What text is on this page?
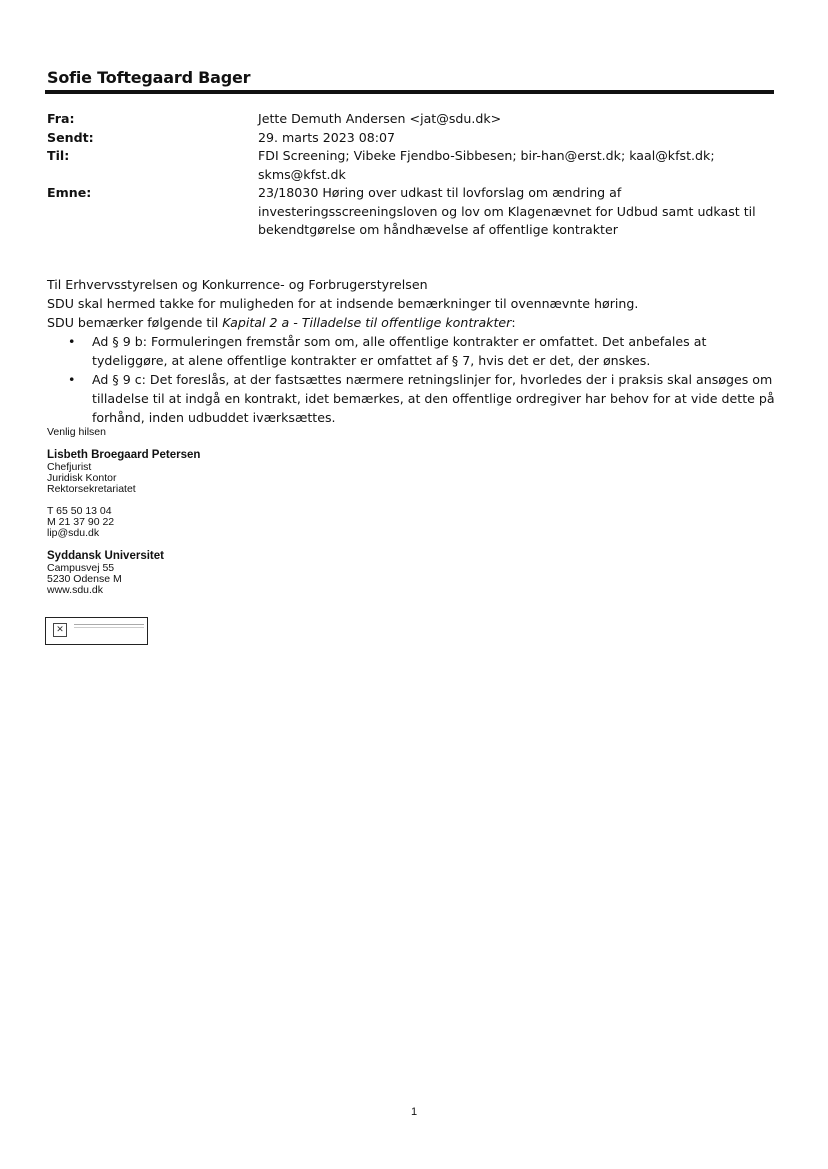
Sofie Toftegaard Bager
Fra:	Jette Demuth Andersen <jat@sdu.dk>
Sendt:	29. marts 2023 08:07
Til:	FDI Screening; Vibeke Fjendbo-Sibbesen; bir-han@erst.dk; kaal@kfst.dk;
skms@kfst.dk
Emne:	23/18030 Høring over udkast til lovforslag om ændring af
investeringsscreeningsloven og lov om Klagenævnet for Udbud samt udkast til
bekendtgørelse om håndhævelse af offentlige kontrakter

Til Erhvervsstyrelsen og Konkurrence- og Forbrugerstyrelsen

SDU skal hermed takke for muligheden for at indsende bemærkninger til ovennævnte høring.

SDU bemærker følgende til Kapital 2 a - Tilladelse til offentlige kontrakter:

• Ad § 9 b: Formuleringen fremstår som om, alle offentlige kontrakter er omfattet. Det anbefales at tydeliggøre, at alene offentlige kontrakter er omfattet af § 7, hvis det er det, der ønskes.
• Ad § 9 c: Det foreslås, at der fastsættes nærmere retningslinjer for, hvorledes der i praksis skal ansøges om tilladelse til at indgå en kontrakt, idet bemærkes, at den offentlige ordregiver har behov for at vide dette på forhånd, inden udbuddet iværksættes.
Venlig hilsen
Lisbeth Broegaard Petersen
Chefjurist
Juridisk Kontor
Rektorsekretariatet
T 65 50 13 04
M 21 37 90 22
lip@sdu.dk
Syddansk Universitet
Campusvej 55
5230 Odense M
www.sdu.dk
✕
1
